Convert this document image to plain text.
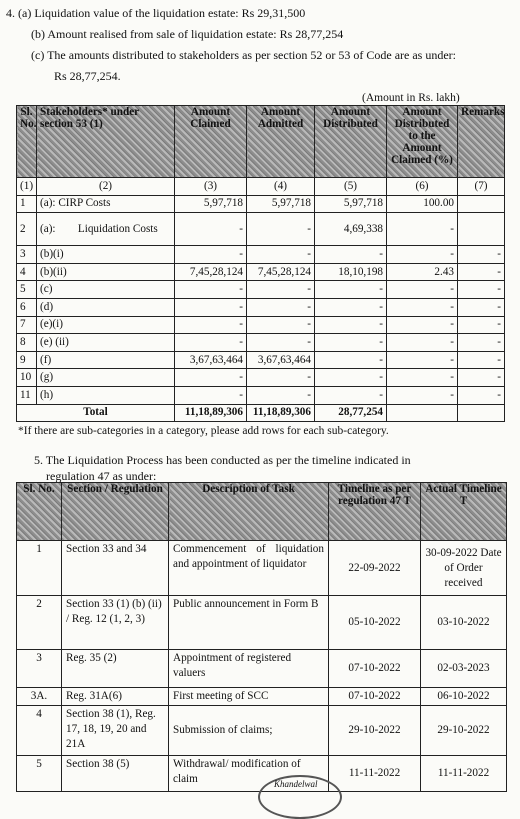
4. (a) Liquidation value of the liquidation estate: Rs 29,31,500
(b) Amount realised from sale of liquidation estate: Rs 28,77,254
(c) The amounts distributed to stakeholders as per section 52 or 53 of Code are as under:
Rs 28,77,254.
(Amount in Rs. lakh)
Sl. No.	Stakeholders* under section 53 (1)	Amount Claimed	Amount Admitted	Amount Distributed	Amount Distributed to the Amount Claimed (%)	Remarks
(1)	(2)	(3)	(4)	(5)	(6)	(7)
1	(a): CIRP Costs	5,97,718	5,97,718	5,97,718	100.00	
2	(a):        Liquidation Costs	-	-	4,69,338	-	
3	(b)(i)	-	-	-	-	-
4	(b)(ii)	7,45,28,124	7,45,28,124	18,10,198	2.43	-
5	(c)	-	-	-	-	-
6	(d)	-	-	-	-	-
7	(e)(i)	-	-	-	-	-
8	(e) (ii)	-	-	-	-	-
9	(f)	3,67,63,464	3,67,63,464	-	-	-
10	(g)	-	-	-	-	-
11	(h)	-	-	-	-	-
Total		11,18,89,306	11,18,89,306	28,77,254		
*If there are sub-categories in a category, please add rows for each sub-category.
5. The Liquidation Process has been conducted as per the timeline indicated in
regulation 47 as under:
Sl. No.	Section / Regulation	Description of Task	Timeline as per regulation 47 T	Actual Timeline T
1	Section 33 and 34	Commencement of liquidation and appointment of liquidator	22-09-2022	30-09-2022 Date of Order received
2	Section 33 (1) (b) (ii) / Reg. 12 (1, 2, 3)	Public announcement in Form B	05-10-2022	03-10-2022
3	Reg. 35 (2)	Appointment of registered valuers	07-10-2022	02-03-2023
3A.	Reg. 31A(6)	First meeting of SCC	07-10-2022	06-10-2022
4	Section 38 (1), Reg. 17, 18, 19, 20 and 21A	Submission of claims;	29-10-2022	29-10-2022
5	Section 38 (5)	Withdrawal/ modification of claim	11-11-2022	11-11-2022
Khandelwal
